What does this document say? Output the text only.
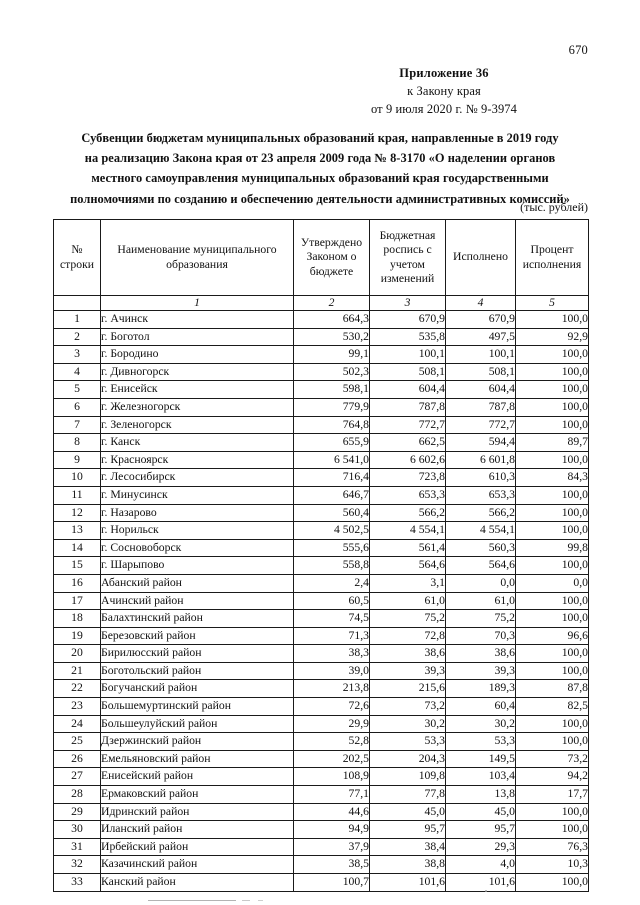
670
Приложение 36
к Закону края
от 9 июля 2020 г. № 9-3974
Субвенции бюджетам муниципальных образований края, направленные в 2019 году
на реализацию Закона края от 23 апреля 2009 года № 8-3170 «О наделении органов
местного самоуправления муниципальных образований края государственными
полномочиями по созданию и обеспечению деятельности административных комиссий»
(тыс. рублей)
№
строки

Наименование муниципального
образования

Утверждено
Законом о
бюджете

Бюджетная
роспись с
учетом
изменений

Исполнено

Процент
исполнения

	1	2	3	4	5
1	г. Ачинск	664,3	670,9	670,9	100,0
2	г. Боготол	530,2	535,8	497,5	92,9
3	г. Бородино	99,1	100,1	100,1	100,0
4	г. Дивногорск	502,3	508,1	508,1	100,0
5	г. Енисейск	598,1	604,4	604,4	100,0
6	г. Железногорск	779,9	787,8	787,8	100,0
7	г. Зеленогорск	764,8	772,7	772,7	100,0
8	г. Канск	655,9	662,5	594,4	89,7
9	г. Красноярск	6 541,0	6 602,6	6 601,8	100,0
10	г. Лесосибирск	716,4	723,8	610,3	84,3
11	г. Минусинск	646,7	653,3	653,3	100,0
12	г. Назарово	560,4	566,2	566,2	100,0
13	г. Норильск	4 502,5	4 554,1	4 554,1	100,0
14	г. Сосновоборск	555,6	561,4	560,3	99,8
15	г. Шарыпово	558,8	564,6	564,6	100,0
16	Абанский район	2,4	3,1	0,0	0,0
17	Ачинский район	60,5	61,0	61,0	100,0
18	Балахтинский район	74,5	75,2	75,2	100,0
19	Березовский район	71,3	72,8	70,3	96,6
20	Бирилюсский район	38,3	38,6	38,6	100,0
21	Боготольский район	39,0	39,3	39,3	100,0
22	Богучанский район	213,8	215,6	189,3	87,8
23	Большемуртинский район	72,6	73,2	60,4	82,5
24	Большеулуйский район	29,9	30,2	30,2	100,0
25	Дзержинский район	52,8	53,3	53,3	100,0
26	Емельяновский район	202,5	204,3	149,5	73,2
27	Енисейский район	108,9	109,8	103,4	94,2
28	Ермаковский район	77,1	77,8	13,8	17,7
29	Идринский район	44,6	45,0	45,0	100,0
30	Иланский район	94,9	95,7	95,7	100,0
31	Ирбейский район	37,9	38,4	29,3	76,3
32	Казачинский район	38,5	38,8	4,0	10,3
33	Канский район	100,7	101,6	101,6	100,0
